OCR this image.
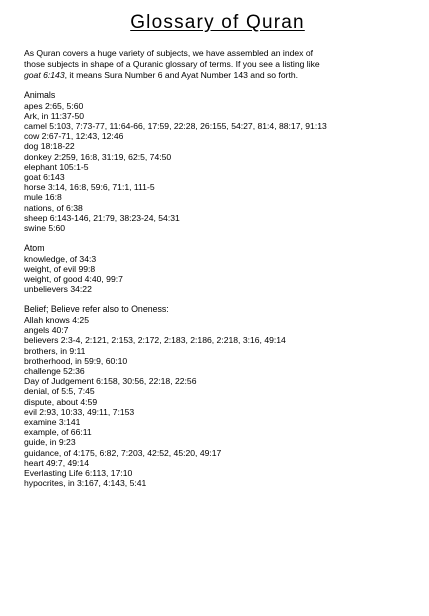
Glossary of Quran
As Quran covers a huge variety of subjects, we have assembled an index of
those subjects in shape of a Quranic glossary of terms. If you see a listing like
goat 6:143, it means Sura Number 6 and Ayat Number 143 and so forth.
Animals
apes 2:65, 5:60
Ark, in 11:37-50
camel 5:103, 7:73-77, 11:64-66, 17:59, 22:28, 26:155, 54:27, 81:4, 88:17, 91:13
cow 2:67-71, 12:43, 12:46
dog 18:18-22
donkey 2:259, 16:8, 31:19, 62:5, 74:50
elephant 105:1-5
goat 6:143
horse 3:14, 16:8, 59:6, 71:1, 111-5
mule 16:8
nations, of 6:38
sheep 6:143-146, 21:79, 38:23-24, 54:31
swine 5:60
Atom
knowledge, of 34:3
weight, of evil 99:8
weight, of good 4:40, 99:7
unbelievers 34:22
Belief; Believe refer also to Oneness:
Allah knows 4:25
angels 40:7
believers 2:3-4, 2:121, 2:153, 2:172, 2:183, 2:186, 2:218, 3:16, 49:14
brothers, in 9:11
brotherhood, in 59:9, 60:10
challenge 52:36
Day of Judgement 6:158, 30:56, 22:18, 22:56
denial, of 5:5, 7:45
dispute, about 4:59
evil 2:93, 10:33, 49:11, 7:153
examine 3:141
example, of 66:11
guide, in 9:23
guidance, of 4:175, 6:82, 7:203, 42:52, 45:20, 49:17
heart 49:7, 49:14
Everlasting Life 6:113, 17:10
hypocrites, in 3:167, 4:143, 5:41
